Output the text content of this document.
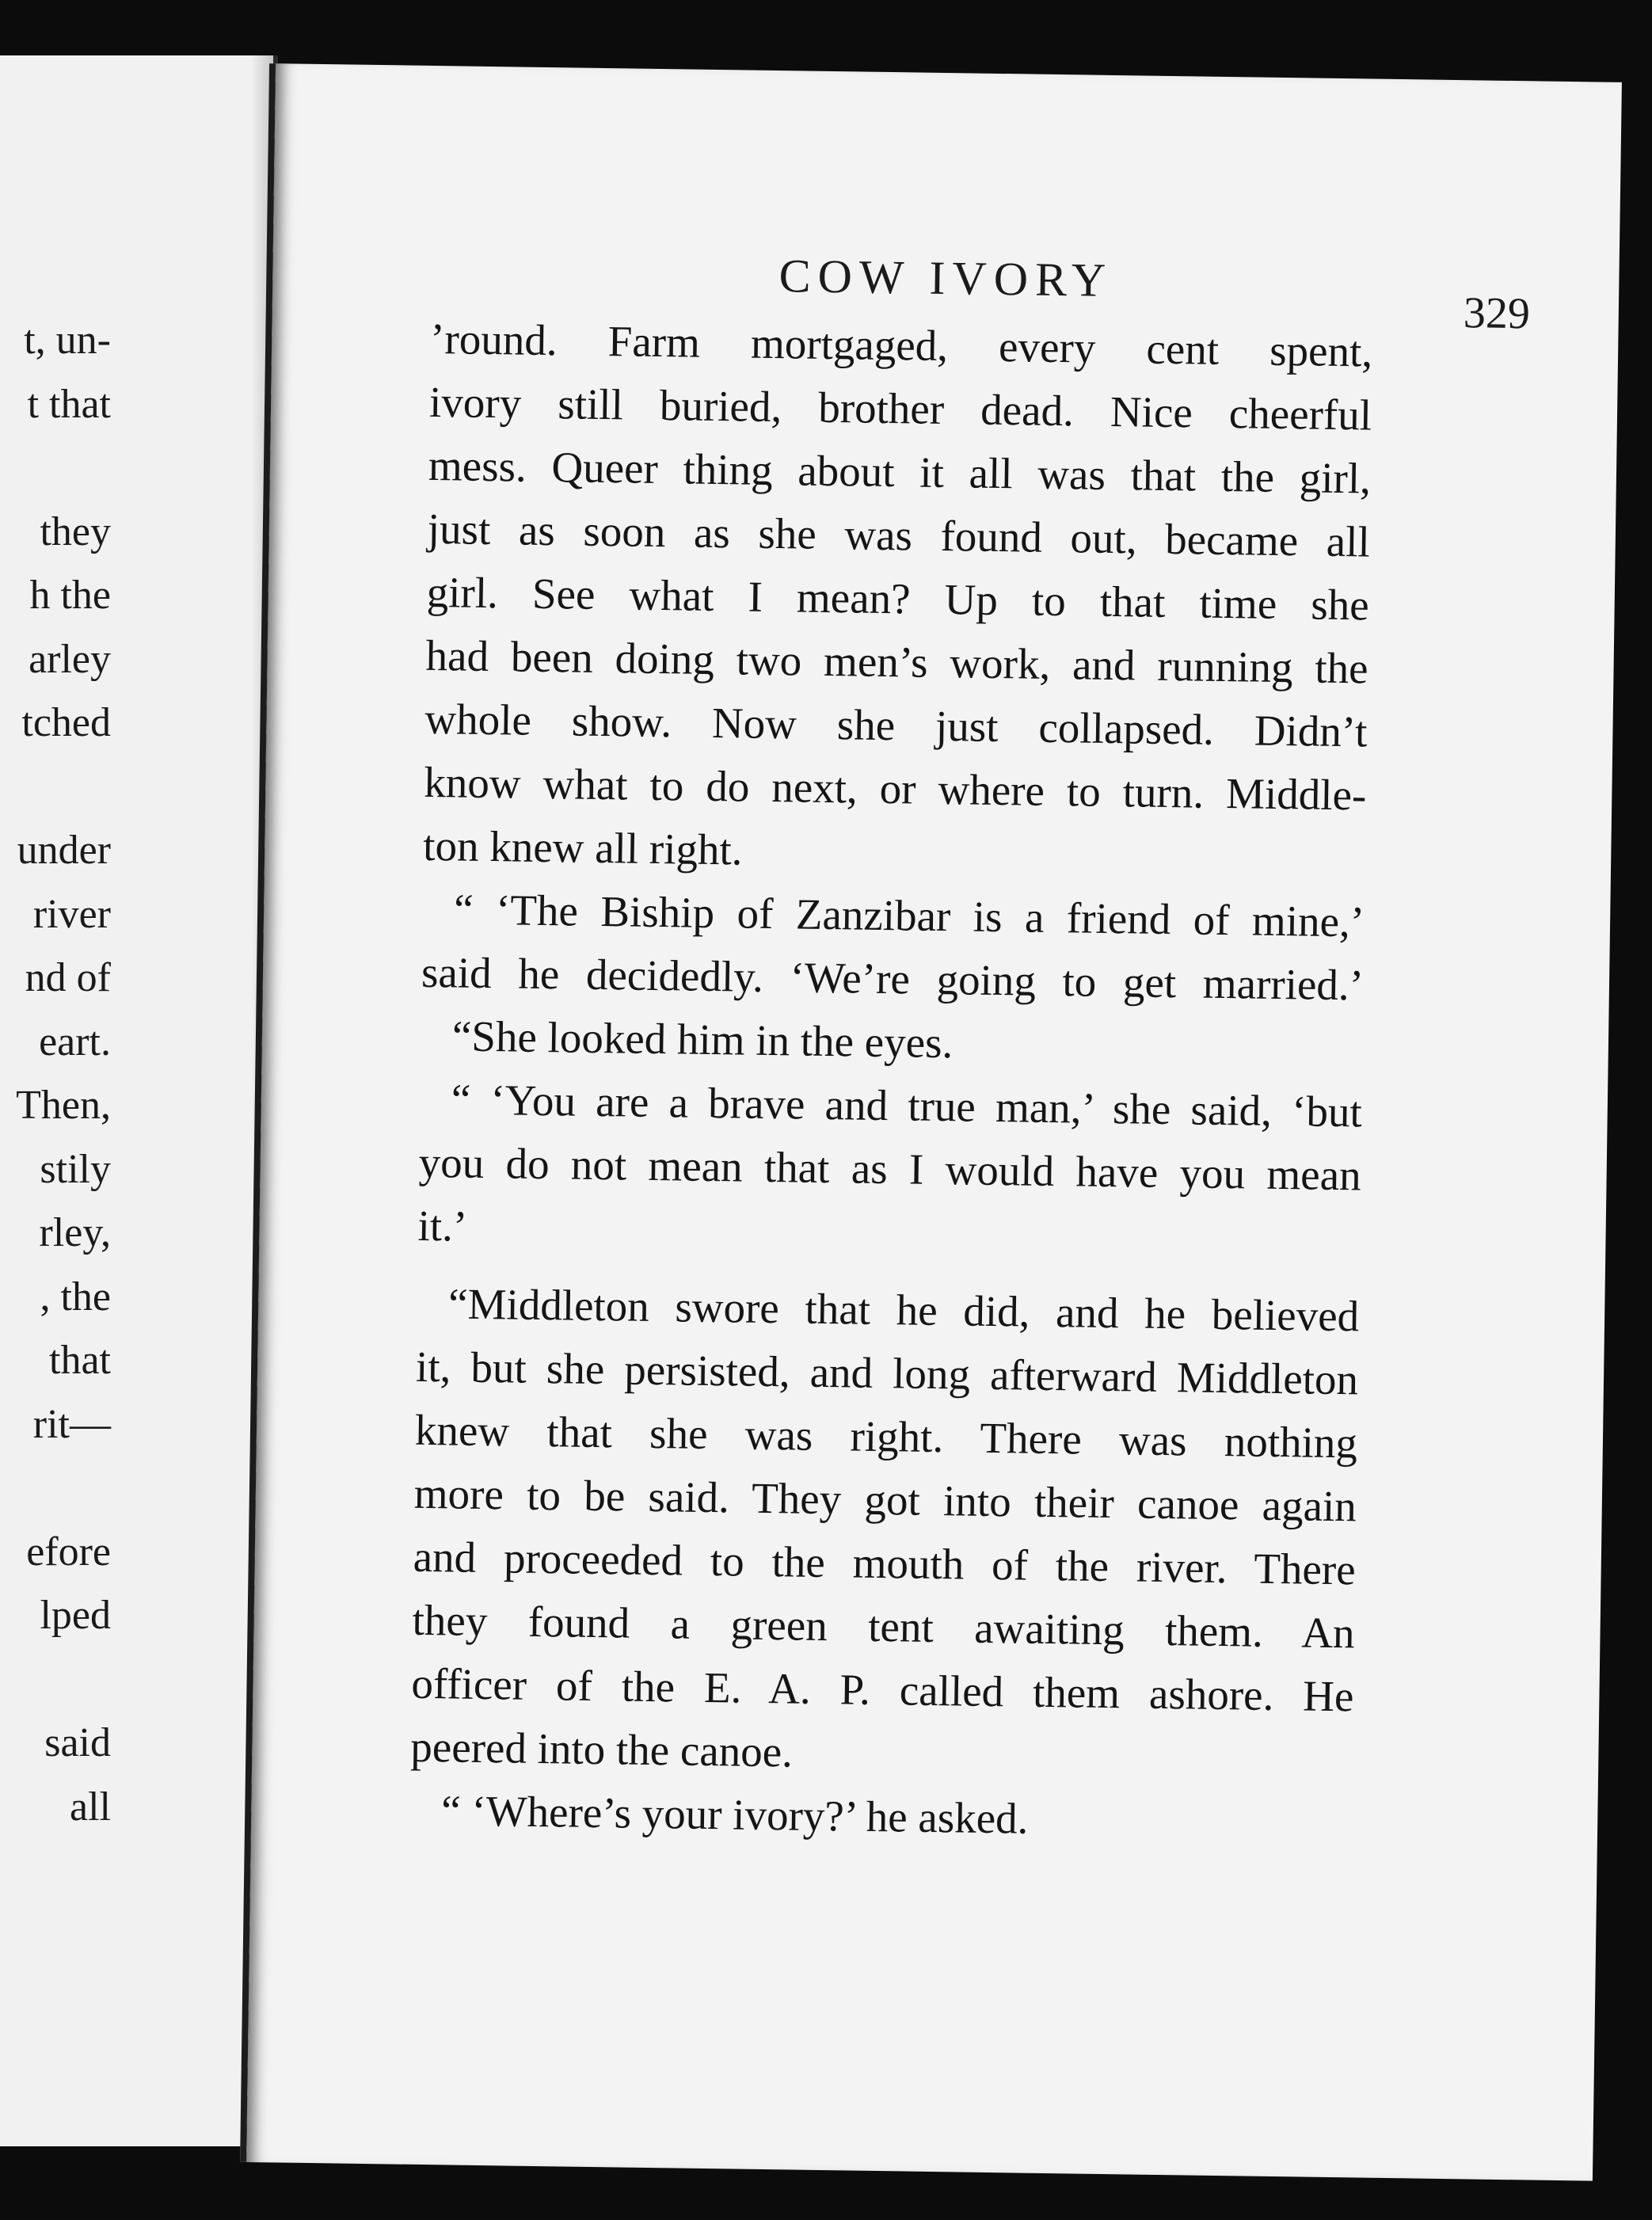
t, un-
t that
they
h the
arley
tched
under
river
nd of
eart.
Then,
stily
rley,
, the
that
rit—
efore
lped
said
all
COW IVORY
329
’round. Farm mortgaged, every cent spent,
ivory still buried, brother dead. Nice cheerful
mess. Queer thing about it all was that the girl,
just as soon as she was found out, became all
girl. See what I mean? Up to that time she
had been doing two men’s work, and running the
whole show. Now she just collapsed. Didn’t
know what to do next, or where to turn. Middle-
ton knew all right.
“ ‘The Biship of Zanzibar is a friend of mine,’
said he decidedly. ‘We’re going to get married.’
“She looked him in the eyes.
“ ‘You are a brave and true man,’ she said, ‘but
you do not mean that as I would have you mean
it.’
“Middleton swore that he did, and he believed
it, but she persisted, and long afterward Middleton
knew that she was right. There was nothing
more to be said. They got into their canoe again
and proceeded to the mouth of the river. There
they found a green tent awaiting them. An
officer of the E. A. P. called them ashore. He
peered into the canoe.
“ ‘Where’s your ivory?’ he asked.
